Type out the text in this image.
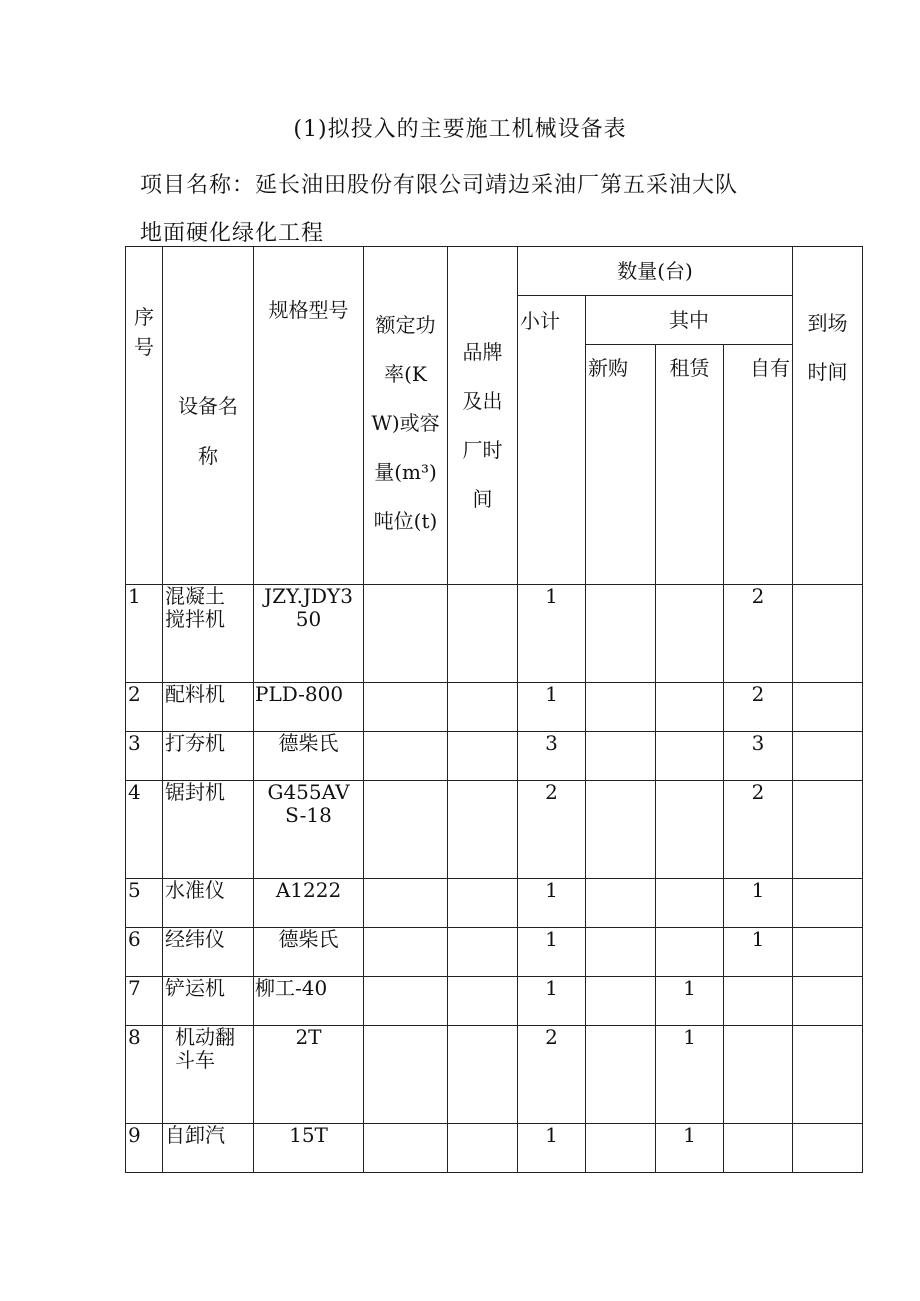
(1)拟投入的主要施工机械设备表
项目名称：延长油田股份有限公司靖边采油厂第五采油大队
地面硬化绿化工程
序号	设备名称	规格型号	额定功率(KW)或容量(m³)吨位(t)	品牌及出厂时间	数量(台)				到场时间
					小计	其中			
						新购	租赁	自有	
1	混凝土搅拌机	JZY.JDY350			1			2	
2	配料机	PLD-800			1			2	
3	打夯机	德柴氏			3			3	
4	锯封机	G455AVS-18			2			2	
5	水准仪	A1222			1			1	
6	经纬仪	德柴氏			1			1	
7	铲运机	柳工-40			1		1		
8	机动翻斗车	2T			2		1		
9	自卸汽	15T			1		1		
